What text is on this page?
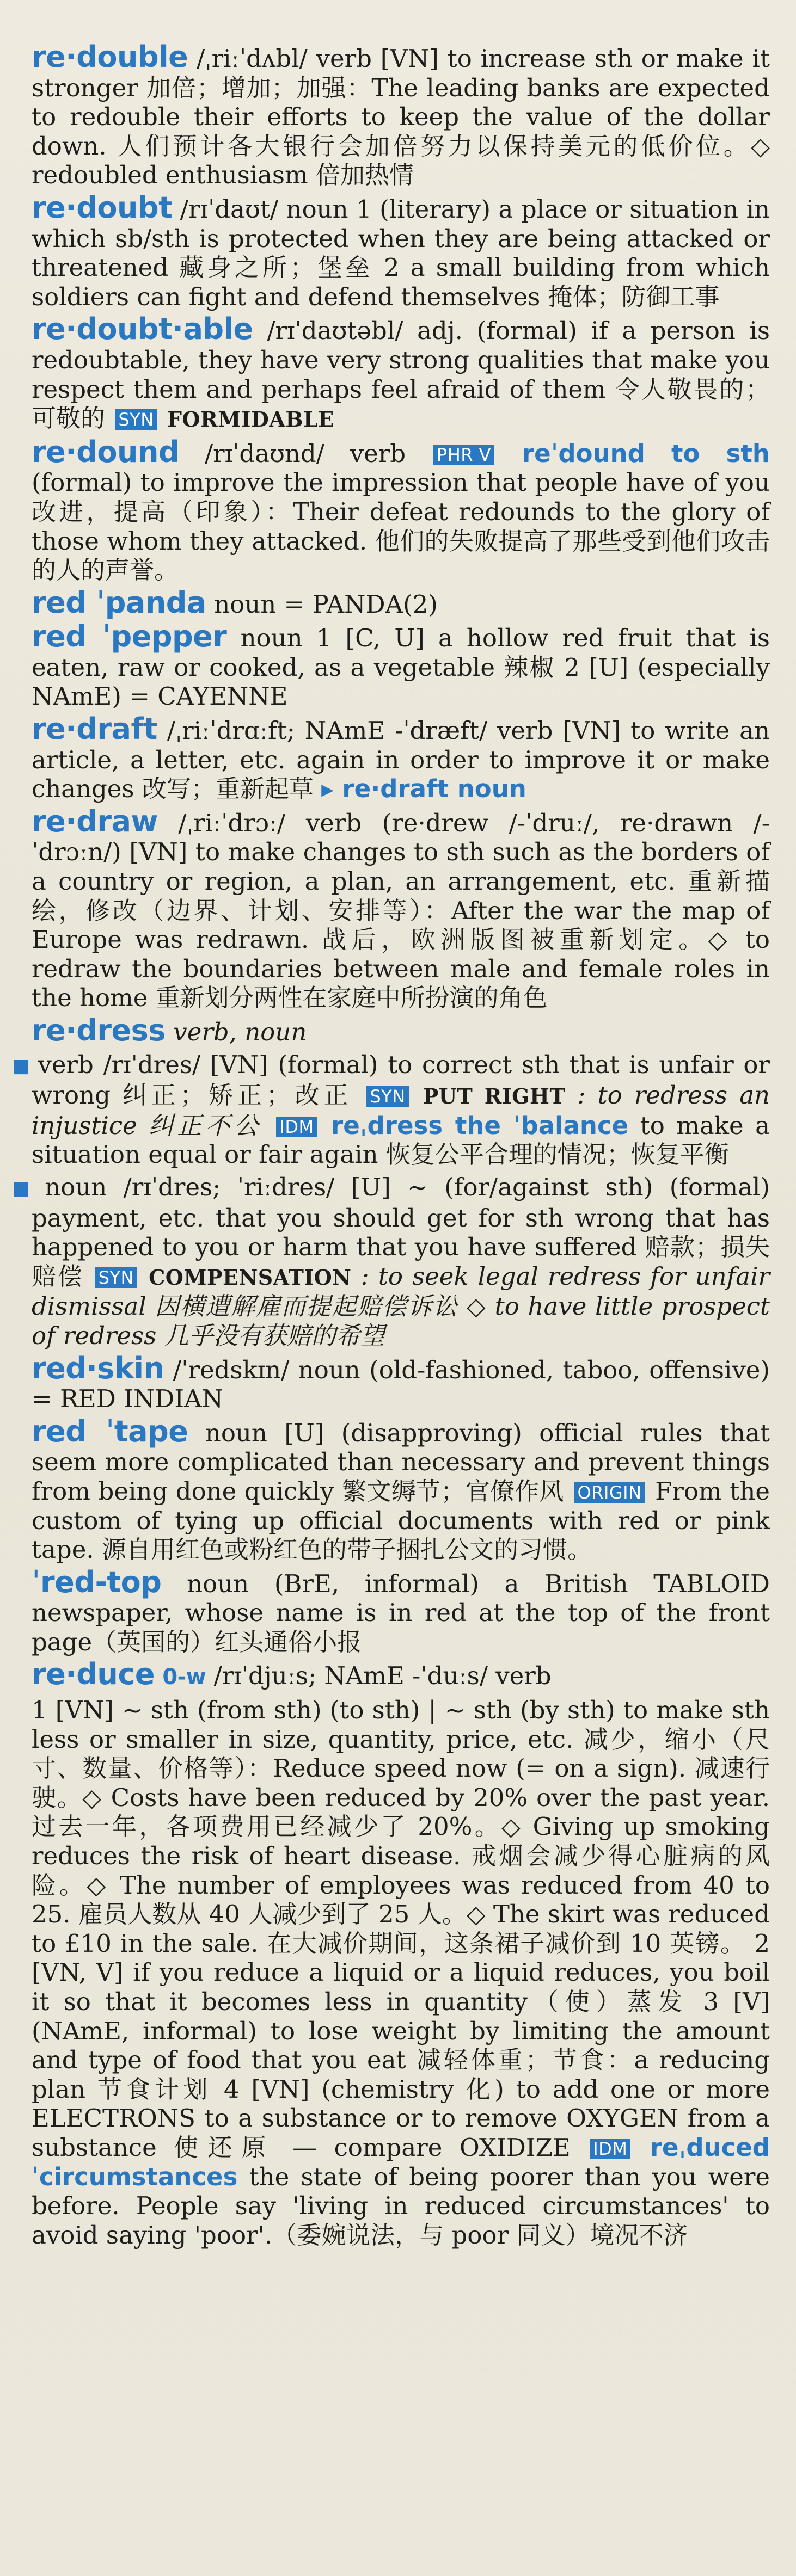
re·double /ˌriːˈdʌbl/ verb [VN] to increase sth or make it stronger 加倍；增加；加强：The leading banks are expected to redouble their efforts to keep the value of the dollar down. 人们预计各大银行会加倍努力以保持美元的低价位。◇ redoubled enthusiasm 倍加热情
re·doubt /rɪˈdaʊt/ noun 1 (literary) a place or situation in which sb/sth is protected when they are being attacked or threatened 藏身之所；堡垒 2 a small building from which soldiers can fight and defend themselves 掩体；防御工事
re·doubt·able /rɪˈdaʊtəbl/ adj. (formal) if a person is redoubtable, they have very strong qualities that make you respect them and perhaps feel afraid of them 令人敬畏的；可敬的 SYN FORMIDABLE
re·dound /rɪˈdaʊnd/ verb PHR V reˈdound to sth (formal) to improve the impression that people have of you 改进，提高（印象）：Their defeat redounds to the glory of those whom they attacked. 他们的失败提高了那些受到他们攻击的人的声誉。
red ˈpanda noun = PANDA(2)
red ˈpepper noun 1 [C, U] a hollow red fruit that is eaten, raw or cooked, as a vegetable 辣椒 2 [U] (especially NAmE) = CAYENNE
re·draft /ˌriːˈdrɑːft; NAmE -ˈdræft/ verb [VN] to write an article, a letter, etc. again in order to improve it or make changes 改写；重新起草 ▸ re·draft noun
re·draw /ˌriːˈdrɔː/ verb (re·drew /-ˈdruː/, re·drawn /-ˈdrɔːn/) [VN] to make changes to sth such as the borders of a country or region, a plan, an arrangement, etc. 重新描绘，修改（边界、计划、安排等）：After the war the map of Europe was redrawn. 战后，欧洲版图被重新划定。◇ to redraw the boundaries between male and female roles in the home 重新划分两性在家庭中所扮演的角色
re·dress verb, noun
■ verb /rɪˈdres/ [VN] (formal) to correct sth that is unfair or wrong 纠正；矫正；改正 SYN PUT RIGHT : to redress an injustice 纠正不公 IDM reˌdress the ˈbalance to make a situation equal or fair again 恢复公平合理的情况；恢复平衡
■ noun /rɪˈdres; ˈriːdres/ [U] ~ (for/against sth) (formal) payment, etc. that you should get for sth wrong that has happened to you or harm that you have suffered 赔款；损失赔偿 SYN COMPENSATION : to seek legal redress for unfair dismissal 因横遭解雇而提起赔偿诉讼 ◇ to have little prospect of redress 几乎没有获赔的希望
red·skin /ˈredskɪn/ noun (old-fashioned, taboo, offensive) = RED INDIAN
red ˈtape noun [U] (disapproving) official rules that seem more complicated than necessary and prevent things from being done quickly 繁文缛节；官僚作风 ORIGIN From the custom of tying up official documents with red or pink tape. 源自用红色或粉红色的带子捆扎公文的习惯。
ˈred-top noun (BrE, informal) a British TABLOID newspaper, whose name is in red at the top of the front page（英国的）红头通俗小报
re·duce 0-w /rɪˈdjuːs; NAmE -ˈduːs/ verb
1 [VN] ~ sth (from sth) (to sth) | ~ sth (by sth) to make sth less or smaller in size, quantity, price, etc. 减少，缩小（尺寸、数量、价格等）：Reduce speed now (= on a sign). 减速行驶。◇ Costs have been reduced by 20% over the past year. 过去一年，各项费用已经减少了 20%。◇ Giving up smoking reduces the risk of heart disease. 戒烟会减少得心脏病的风险。◇ The number of employees was reduced from 40 to 25. 雇员人数从 40 人减少到了 25 人。◇ The skirt was reduced to £10 in the sale. 在大减价期间，这条裙子减价到 10 英镑。 2 [VN, V] if you reduce a liquid or a liquid reduces, you boil it so that it becomes less in quantity（使）蒸发 3 [V] (NAmE, informal) to lose weight by limiting the amount and type of food that you eat 减轻体重；节食：a reducing plan 节食计划 4 [VN] (chemistry 化) to add one or more ELECTRONS to a substance or to remove OXYGEN from a substance 使还原 — compare OXIDIZE IDM reˌduced ˈcircumstances the state of being poorer than you were before. People say 'living in reduced circumstances' to avoid saying 'poor'.（委婉说法，与 poor 同义）境况不济
